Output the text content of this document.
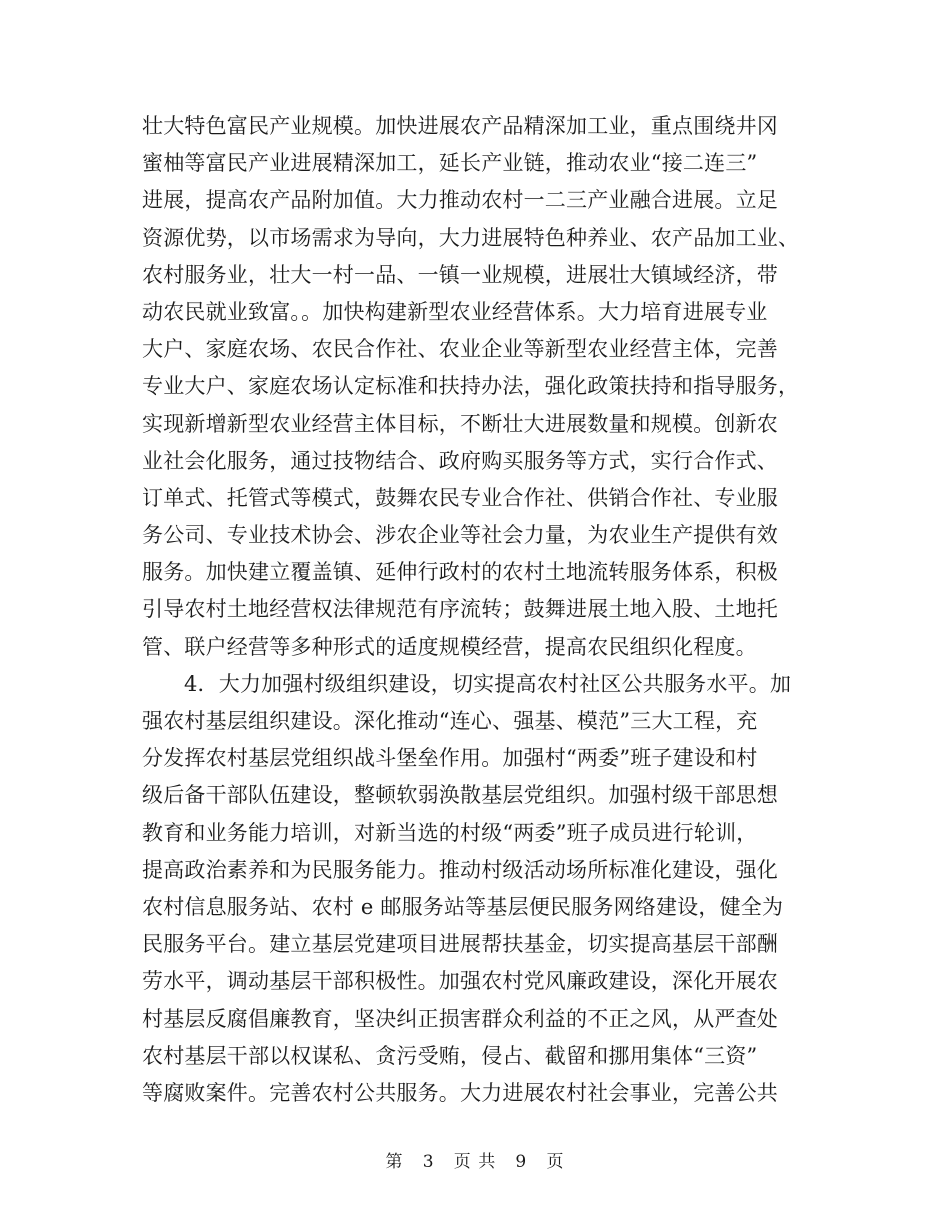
壮大特色富民产业规模。加快进展农产品精深加工业，重点围绕井冈
蜜柚等富民产业进展精深加工，延长产业链，推动农业“接二连三”
进展，提高农产品附加值。大力推动农村一二三产业融合进展。立足
资源优势，以市场需求为导向，大力进展特色种养业、农产品加工业、
农村服务业，壮大一村一品、一镇一业规模，进展壮大镇域经济，带
动农民就业致富。。加快构建新型农业经营体系。大力培育进展专业
大户、家庭农场、农民合作社、农业企业等新型农业经营主体，完善
专业大户、家庭农场认定标准和扶持办法，强化政策扶持和指导服务，
实现新增新型农业经营主体目标，不断壮大进展数量和规模。创新农
业社会化服务，通过技物结合、政府购买服务等方式，实行合作式、
订单式、托管式等模式，鼓舞农民专业合作社、供销合作社、专业服
务公司、专业技术协会、涉农企业等社会力量，为农业生产提供有效
服务。加快建立覆盖镇、延伸行政村的农村土地流转服务体系，积极
引导农村土地经营权法律规范有序流转；鼓舞进展土地入股、土地托
管、联户经营等多种形式的适度规模经营，提高农民组织化程度。
4．大力加强村级组织建设，切实提高农村社区公共服务水平。加
强农村基层组织建设。深化推动“连心、强基、模范”三大工程，充
分发挥农村基层党组织战斗堡垒作用。加强村“两委”班子建设和村
级后备干部队伍建设，整顿软弱涣散基层党组织。加强村级干部思想
教育和业务能力培训，对新当选的村级“两委”班子成员进行轮训，
提高政治素养和为民服务能力。推动村级活动场所标准化建设，强化
农村信息服务站、农村 e 邮服务站等基层便民服务网络建设，健全为
民服务平台。建立基层党建项目进展帮扶基金，切实提高基层干部酬
劳水平，调动基层干部积极性。加强农村党风廉政建设，深化开展农
村基层反腐倡廉教育，坚决纠正损害群众利益的不正之风，从严查处
农村基层干部以权谋私、贪污受贿，侵占、截留和挪用集体“三资”
等腐败案件。完善农村公共服务。大力进展农村社会事业，完善公共
第 3 页 共 9 页
